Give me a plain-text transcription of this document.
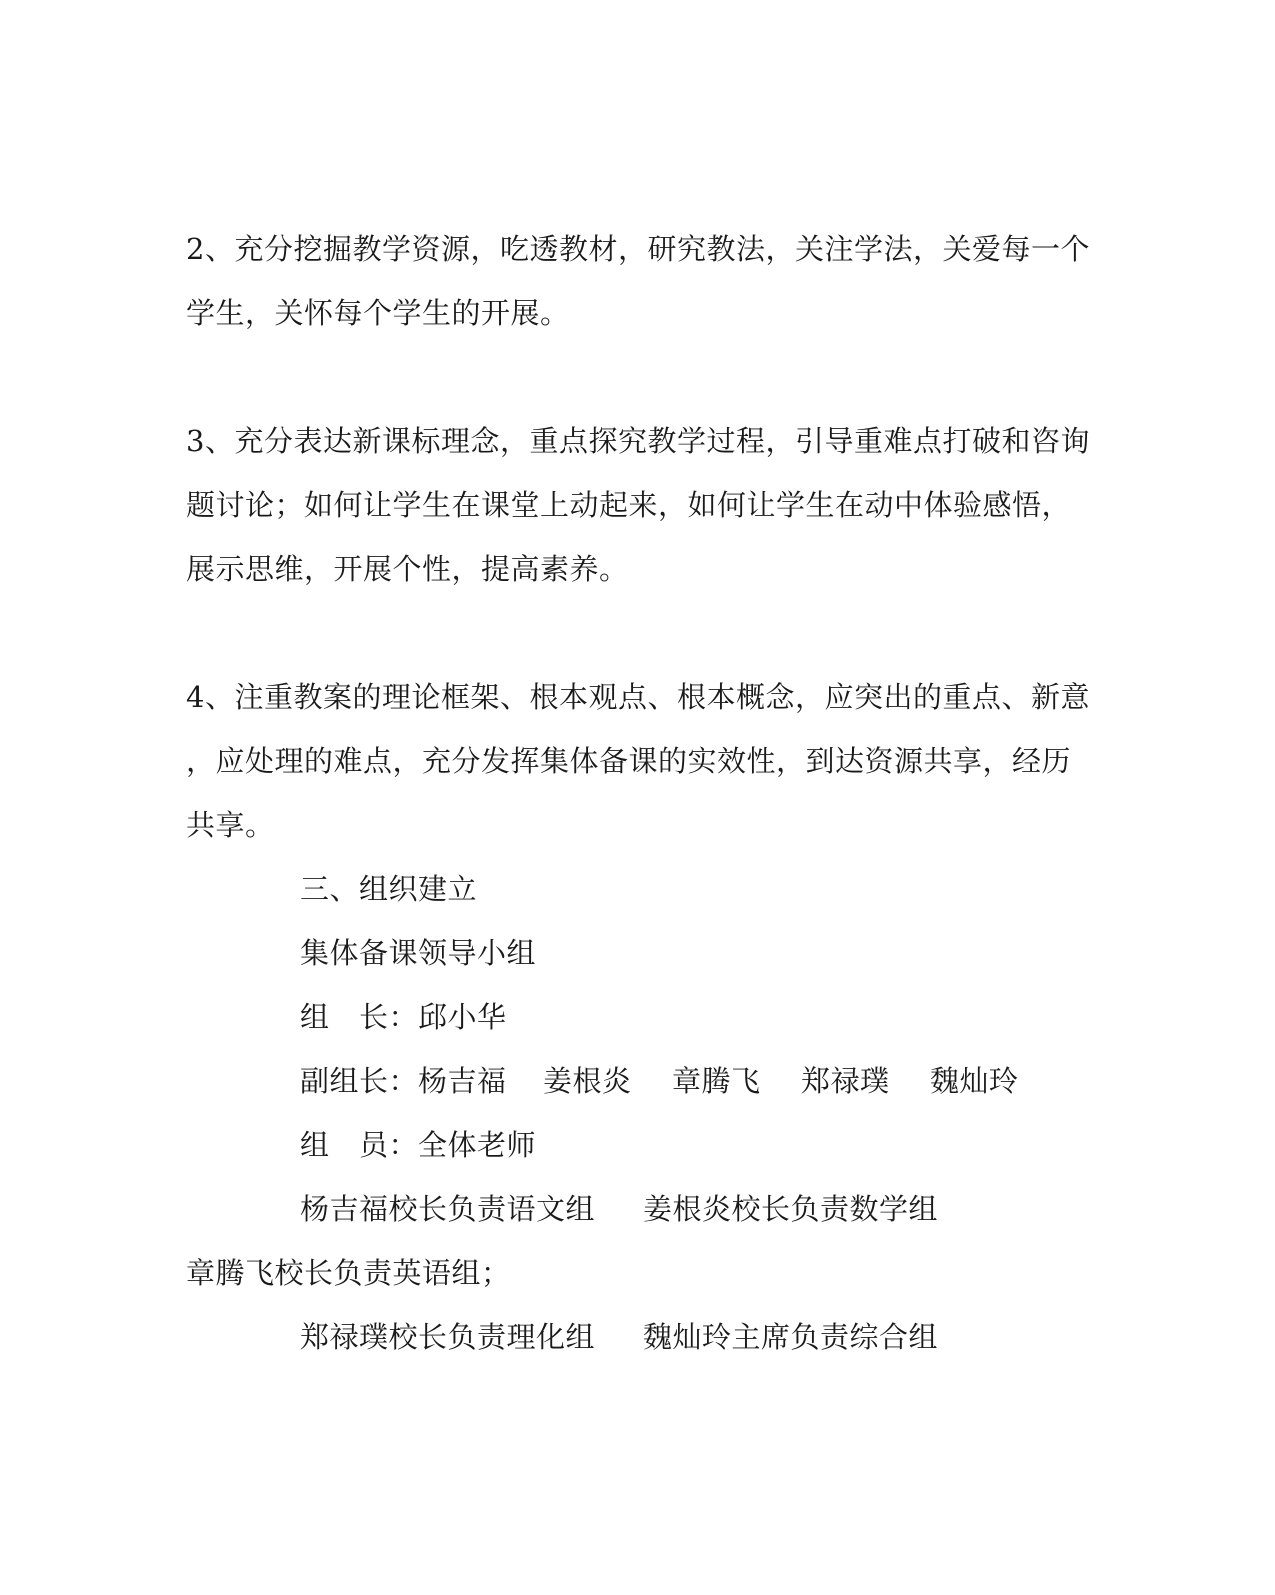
2、充分挖掘教学资源，吃透教材，研究教法，关注学法，关爱每一个
学生，关怀每个学生的开展。
3、充分表达新课标理念，重点探究教学过程，引导重难点打破和咨询
题讨论；如何让学生在课堂上动起来，如何让学生在动中体验感悟，
展示思维，开展个性，提高素养。
4、注重教案的理论框架、根本观点、根本概念，应突出的重点、新意
，应处理的难点，充分发挥集体备课的实效性，到达资源共享，经历
共享。
三、组织建立
集体备课领导小组
组　长：邱小华
副组长：杨吉福 姜根炎 章腾飞 郑禄璞 魏灿玲
组　员：全体老师
杨吉福校长负责语文组 姜根炎校长负责数学组
章腾飞校长负责英语组；
郑禄璞校长负责理化组 魏灿玲主席负责综合组
